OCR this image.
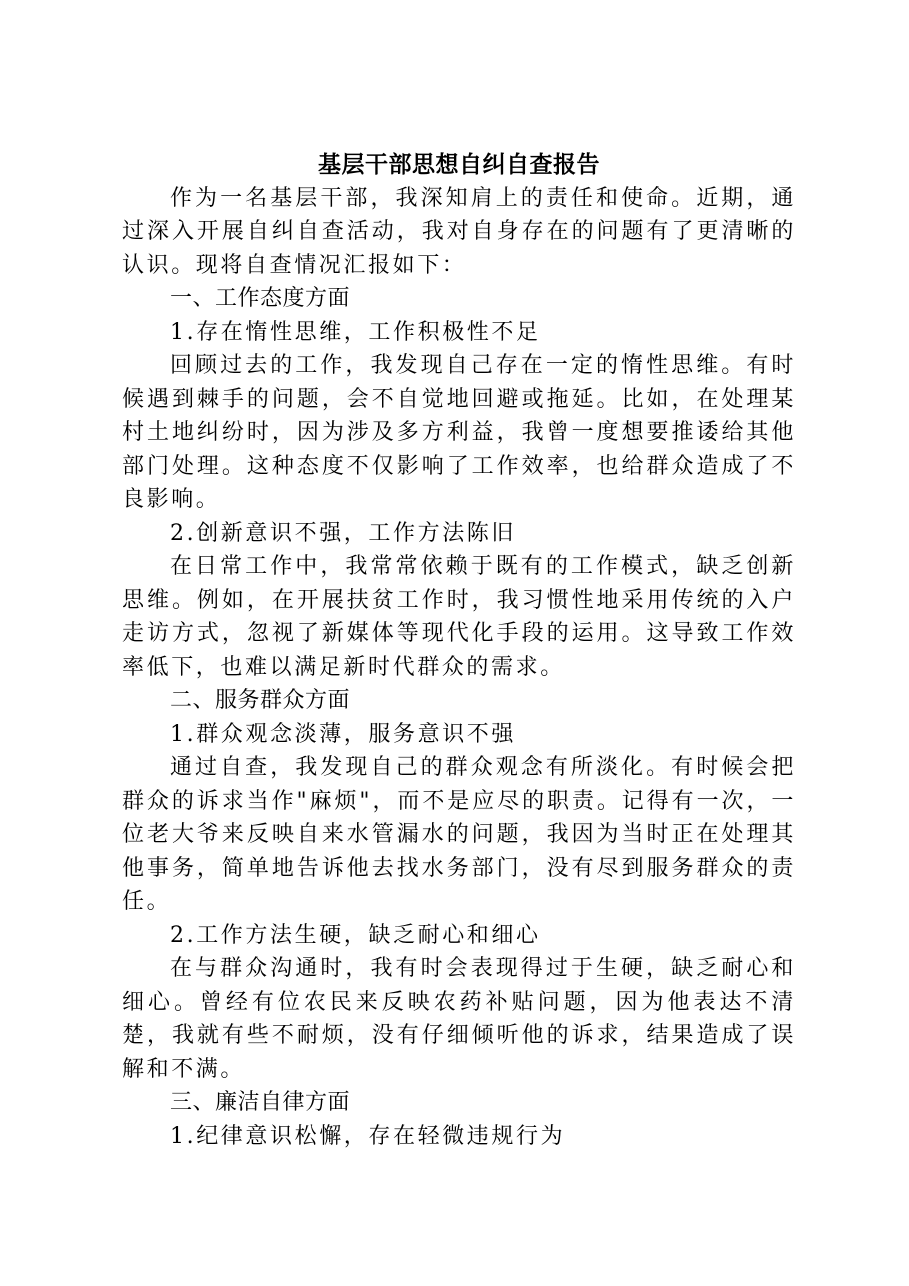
基层干部思想自纠自查报告

作为一名基层干部，我深知肩上的责任和使命。近期，通过深入开展自纠自查活动，我对自身存在的问题有了更清晰的认识。现将自查情况汇报如下：

一、工作态度方面

1.存在惰性思维，工作积极性不足

回顾过去的工作，我发现自己存在一定的惰性思维。有时候遇到棘手的问题，会不自觉地回避或拖延。比如，在处理某村土地纠纷时，因为涉及多方利益，我曾一度想要推诿给其他部门处理。这种态度不仅影响了工作效率，也给群众造成了不良影响。

2.创新意识不强，工作方法陈旧

在日常工作中，我常常依赖于既有的工作模式，缺乏创新思维。例如，在开展扶贫工作时，我习惯性地采用传统的入户走访方式，忽视了新媒体等现代化手段的运用。这导致工作效率低下，也难以满足新时代群众的需求。

二、服务群众方面

1.群众观念淡薄，服务意识不强

通过自查，我发现自己的群众观念有所淡化。有时候会把群众的诉求当作"麻烦"，而不是应尽的职责。记得有一次，一位老大爷来反映自来水管漏水的问题，我因为当时正在处理其他事务，简单地告诉他去找水务部门，没有尽到服务群众的责任。

2.工作方法生硬，缺乏耐心和细心

在与群众沟通时，我有时会表现得过于生硬，缺乏耐心和细心。曾经有位农民来反映农药补贴问题，因为他表达不清楚，我就有些不耐烦，没有仔细倾听他的诉求，结果造成了误解和不满。

三、廉洁自律方面

1.纪律意识松懈，存在轻微违规行为
